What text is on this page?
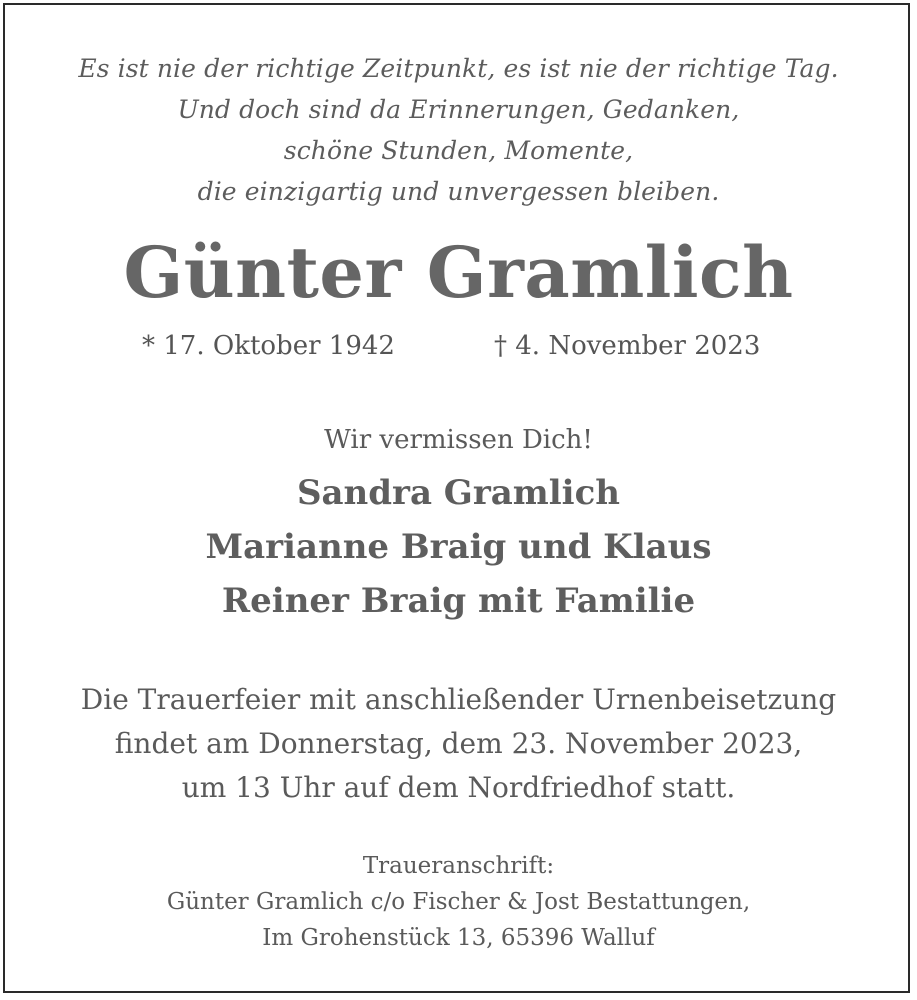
Es ist nie der richtige Zeitpunkt, es ist nie der richtige Tag.
Und doch sind da Erinnerungen, Gedanken,
schöne Stunden, Momente,
die einzigartig und unvergessen bleiben.
Günter Gramlich
* 17. Oktober 1942	† 4. November 2023
Wir vermissen Dich!
Sandra Gramlich
Marianne Braig und Klaus
Reiner Braig mit Familie
Die Trauerfeier mit anschließender Urnenbeisetzung
findet am Donnerstag, dem 23. November 2023,
um 13 Uhr auf dem Nordfriedhof statt.
Traueranschrift:
Günter Gramlich c/o Fischer & Jost Bestattungen,
Im Grohenstück 13, 65396 Walluf
